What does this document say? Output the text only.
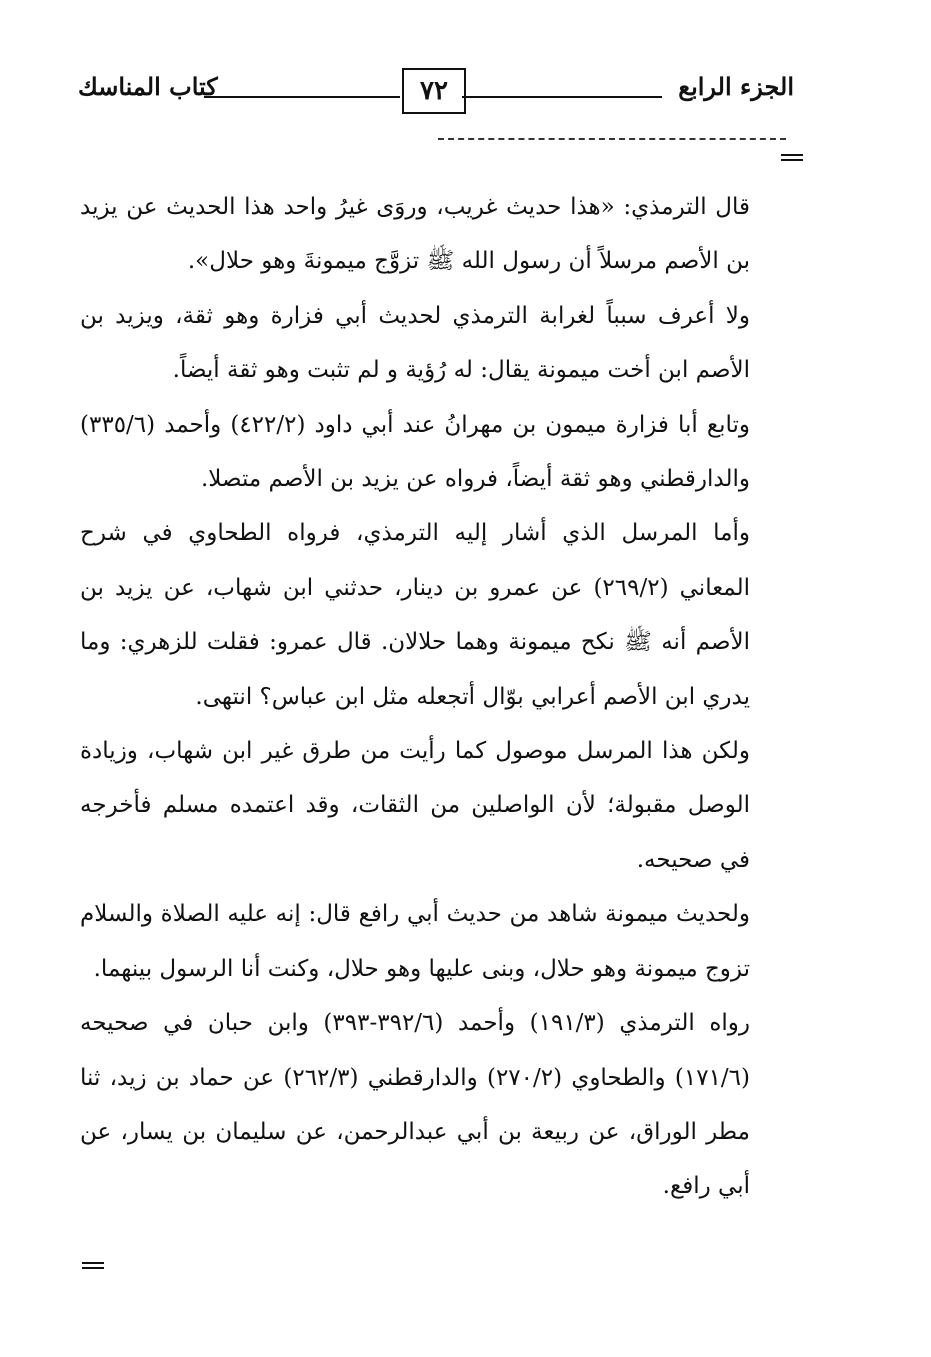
الجزء الرابع
٧٢
كتاب المناسك

قال الترمذي: «هذا حديث غريب، وروَى غيرُ واحد هذا الحديث عن يزيد بن الأصم مرسلاً أن رسول الله ﷺ تزوَّج ميمونةَ وهو حلال».

ولا أعرف سبباً لغرابة الترمذي لحديث أبي فزارة وهو ثقة، ويزيد بن الأصم ابن أخت ميمونة يقال: له رُؤية و لم تثبت وهو ثقة أيضاً.

وتابع أبا فزارة ميمون بن مهرانُ عند أبي داود (٤٢٢/٢) وأحمد (٣٣٥/٦) والدارقطني وهو ثقة أيضاً، فرواه عن يزيد بن الأصم متصلا.

وأما المرسل الذي أشار إليه الترمذي، فرواه الطحاوي في شرح المعاني (٢٦٩/٢) عن عمرو بن دينار، حدثني ابن شهاب، عن يزيد بن الأصم أنه ﷺ نكح ميمونة وهما حلالان. قال عمرو: فقلت للزهري: وما يدري ابن الأصم أعرابي بوّال أتجعله مثل ابن عباس؟ انتهى.

ولكن هذا المرسل موصول كما رأيت من طرق غير ابن شهاب، وزيادة الوصل مقبولة؛ لأن الواصلين من الثقات، وقد اعتمده مسلم فأخرجه في صحيحه.

ولحديث ميمونة شاهد من حديث أبي رافع قال: إنه عليه الصلاة والسلام تزوج ميمونة وهو حلال، وبنى عليها وهو حلال، وكنت أنا الرسول بينهما.

رواه الترمذي (١٩١/٣) وأحمد (٣٩٢/٦-٣٩٣) وابن حبان في صحيحه (١٧١/٦) والطحاوي (٢٧٠/٢) والدارقطني (٢٦٢/٣) عن حماد بن زيد، ثنا مطر الوراق، عن ربيعة بن أبي عبدالرحمن، عن سليمان بن يسار، عن أبي رافع.
